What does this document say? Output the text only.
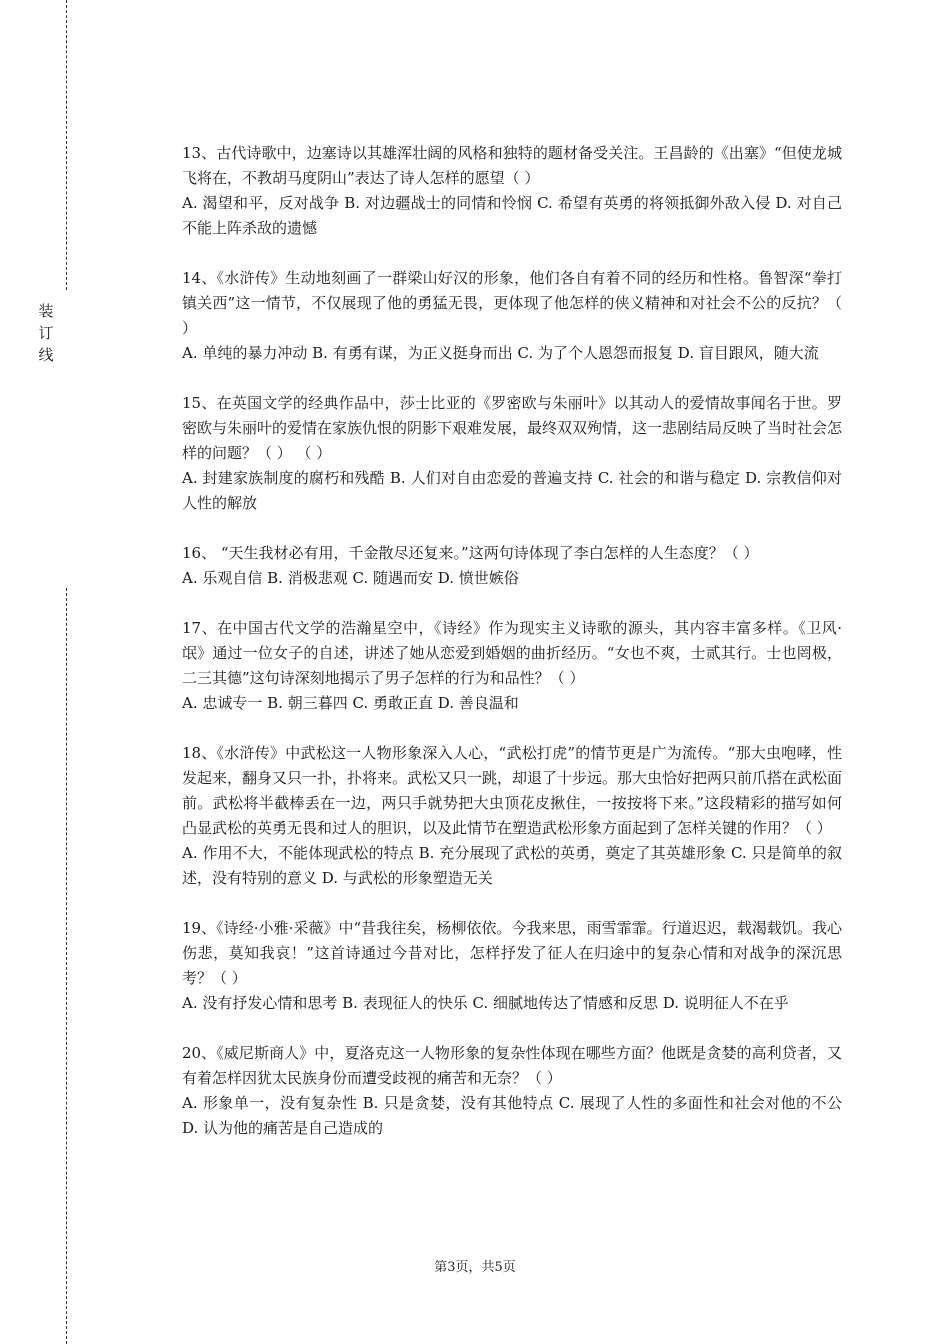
装
订
线

13、古代诗歌中，边塞诗以其雄浑壮阔的风格和独特的题材备受关注。王昌龄的《出塞》“但使龙城飞将在，不教胡马度阴山”表达了诗人怎样的愿望（ ）

A. 渴望和平，反对战争 B. 对边疆战士的同情和怜悯 C. 希望有英勇的将领抵御外敌入侵 D. 对自己不能上阵杀敌的遗憾

14、《水浒传》生动地刻画了一群梁山好汉的形象，他们各自有着不同的经历和性格。鲁智深“拳打镇关西”这一情节，不仅展现了他的勇猛无畏，更体现了他怎样的侠义精神和对社会不公的反抗？（ ）

A. 单纯的暴力冲动 B. 有勇有谋，为正义挺身而出 C. 为了个人恩怨而报复 D. 盲目跟风，随大流

15、在英国文学的经典作品中，莎士比亚的《罗密欧与朱丽叶》以其动人的爱情故事闻名于世。罗密欧与朱丽叶的爱情在家族仇恨的阴影下艰难发展，最终双双殉情，这一悲剧结局反映了当时社会怎样的问题？（ ） （ ）

A. 封建家族制度的腐朽和残酷 B. 人们对自由恋爱的普遍支持 C. 社会的和谐与稳定 D. 宗教信仰对人性的解放

16、 “天生我材必有用，千金散尽还复来。”这两句诗体现了李白怎样的人生态度？（ ）

A. 乐观自信 B. 消极悲观 C. 随遇而安 D. 愤世嫉俗

17、在中国古代文学的浩瀚星空中，《诗经》作为现实主义诗歌的源头，其内容丰富多样。《卫风·氓》通过一位女子的自述，讲述了她从恋爱到婚姻的曲折经历。“女也不爽，士贰其行。士也罔极，二三其德”这句诗深刻地揭示了男子怎样的行为和品性？（ ）

A. 忠诚专一 B. 朝三暮四 C. 勇敢正直 D. 善良温和

18、《水浒传》中武松这一人物形象深入人心，“武松打虎”的情节更是广为流传。“那大虫咆哮，性发起来，翻身又只一扑，扑将来。武松又只一跳，却退了十步远。那大虫恰好把两只前爪搭在武松面前。武松将半截棒丢在一边，两只手就势把大虫顶花皮揪住，一按按将下来。”这段精彩的描写如何凸显武松的英勇无畏和过人的胆识，以及此情节在塑造武松形象方面起到了怎样关键的作用？（ ）

A. 作用不大，不能体现武松的特点 B. 充分展现了武松的英勇，奠定了其英雄形象 C. 只是简单的叙述，没有特别的意义 D. 与武松的形象塑造无关

19、《诗经·小雅·采薇》中“昔我往矣，杨柳依依。今我来思，雨雪霏霏。行道迟迟，载渴载饥。我心伤悲，莫知我哀！”这首诗通过今昔对比，怎样抒发了征人在归途中的复杂心情和对战争的深沉思考？（ ）

A. 没有抒发心情和思考 B. 表现征人的快乐 C. 细腻地传达了情感和反思 D. 说明征人不在乎

20、《威尼斯商人》中，夏洛克这一人物形象的复杂性体现在哪些方面？他既是贪婪的高利贷者，又有着怎样因犹太民族身份而遭受歧视的痛苦和无奈？（ ）

A. 形象单一，没有复杂性 B. 只是贪婪，没有其他特点 C. 展现了人性的多面性和社会对他的不公 D. 认为他的痛苦是自己造成的

第3页，共5页
